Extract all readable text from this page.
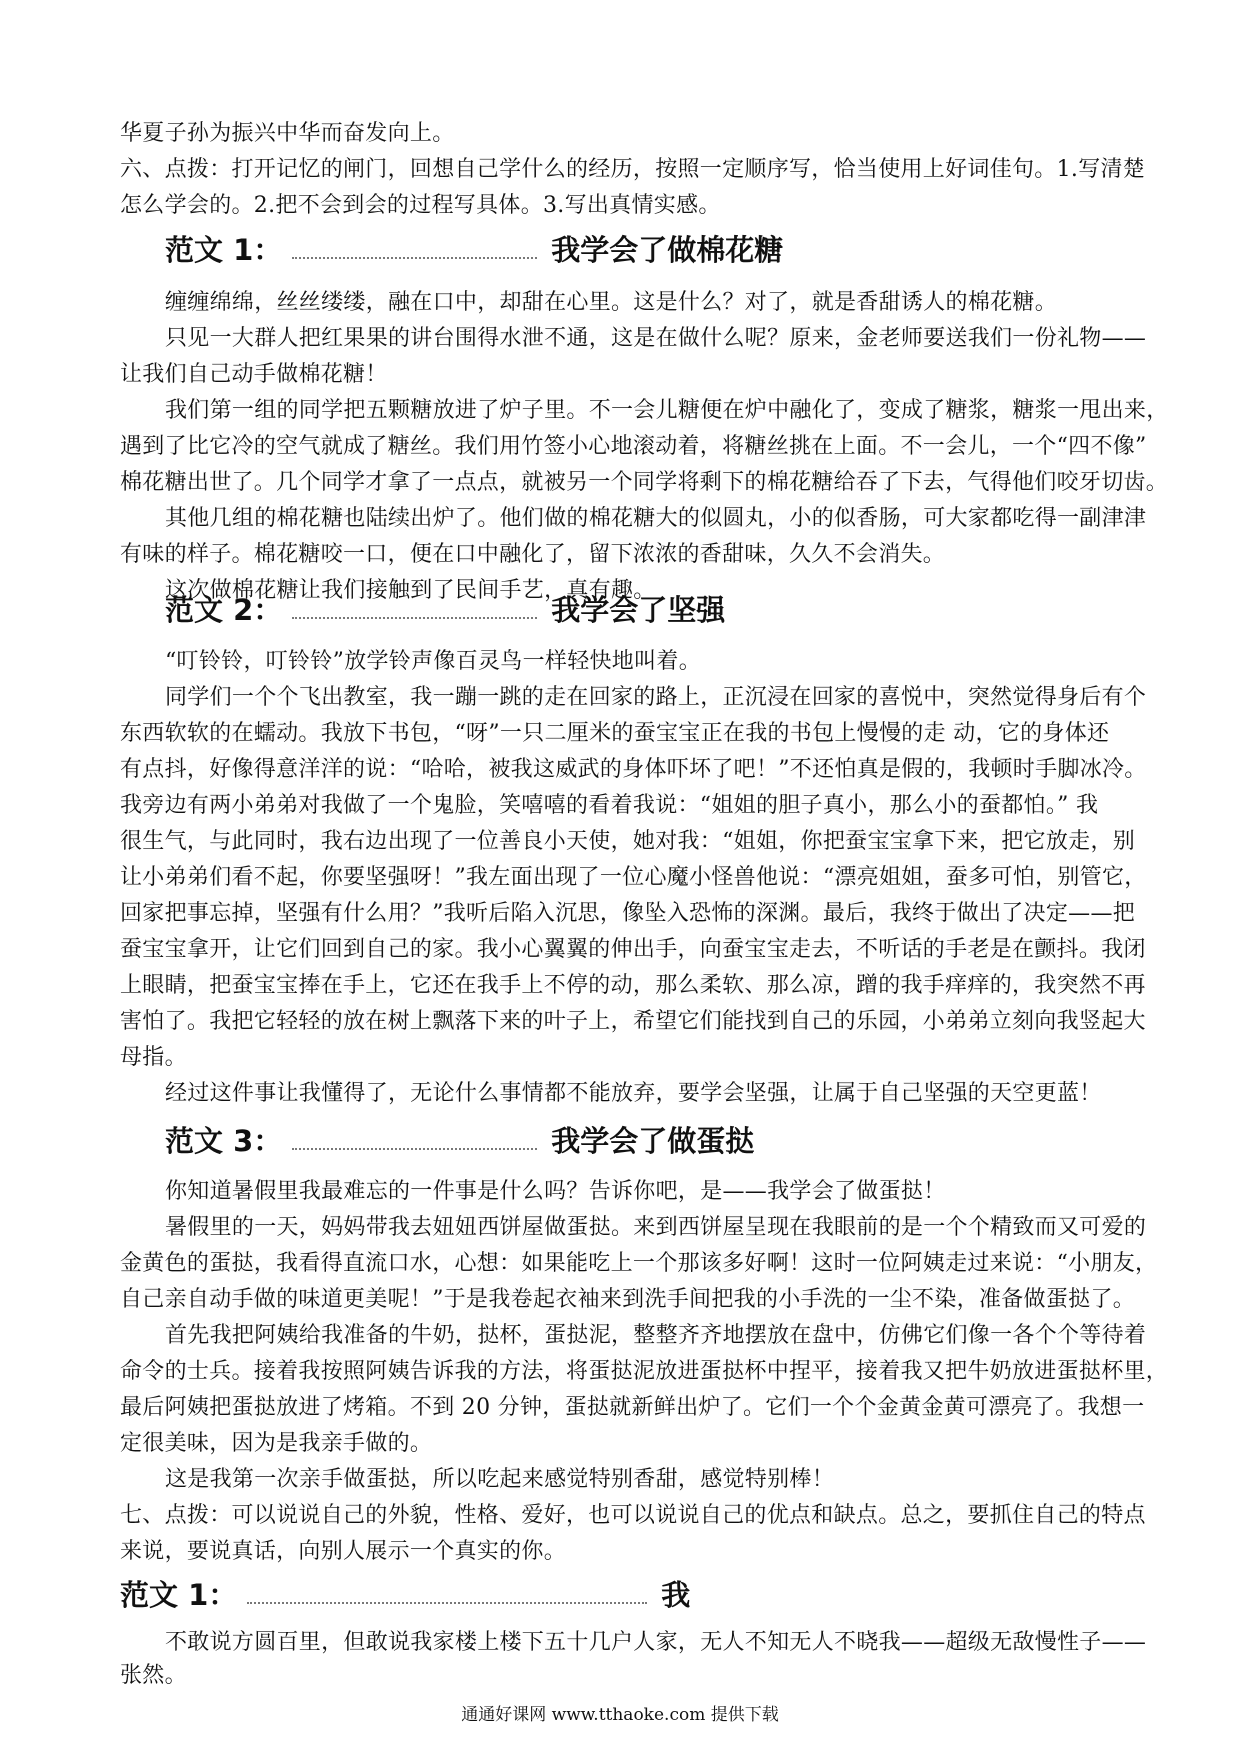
华夏子孙为振兴中华而奋发向上。
六、点拨：打开记忆的闸门，回想自己学什么的经历，按照一定顺序写，恰当使用上好词佳句。1.写清楚
怎么学会的。2.把不会到会的过程写具体。3.写出真情实感。
范文 1：	我学会了做棉花糖
缠缠绵绵，丝丝缕缕，融在口中，却甜在心里。这是什么？对了，就是香甜诱人的棉花糖。
只见一大群人把红果果的讲台围得水泄不通，这是在做什么呢？原来，金老师要送我们一份礼物——
让我们自己动手做棉花糖！
我们第一组的同学把五颗糖放进了炉子里。不一会儿糖便在炉中融化了，变成了糖浆，糖浆一甩出来，
遇到了比它冷的空气就成了糖丝。我们用竹签小心地滚动着，将糖丝挑在上面。不一会儿，一个“四不像”
棉花糖出世了。几个同学才拿了一点点，就被另一个同学将剩下的棉花糖给吞了下去，气得他们咬牙切齿。
其他几组的棉花糖也陆续出炉了。他们做的棉花糖大的似圆丸，小的似香肠，可大家都吃得一副津津
有味的样子。棉花糖咬一口，便在口中融化了，留下浓浓的香甜味，久久不会消失。
这次做棉花糖让我们接触到了民间手艺，真有趣。
范文 2：	我学会了坚强
“叮铃铃，叮铃铃”放学铃声像百灵鸟一样轻快地叫着。
同学们一个个飞出教室，我一蹦一跳的走在回家的路上，正沉浸在回家的喜悦中，突然觉得身后有个
东西软软的在蠕动。我放下书包，“呀”一只二厘米的蚕宝宝正在我的书包上慢慢的走 动，它的身体还
有点抖，好像得意洋洋的说：“哈哈，被我这威武的身体吓坏了吧！”不还怕真是假的，我顿时手脚冰冷。
我旁边有两小弟弟对我做了一个鬼脸，笑嘻嘻的看着我说：“姐姐的胆子真小，那么小的蚕都怕。” 我
很生气，与此同时，我右边出现了一位善良小天使，她对我：“姐姐，你把蚕宝宝拿下来，把它放走，别
让小弟弟们看不起，你要坚强呀！”我左面出现了一位心魔小怪兽他说：“漂亮姐姐，蚕多可怕，别管它，
回家把事忘掉，坚强有什么用？”我听后陷入沉思，像坠入恐怖的深渊。最后，我终于做出了决定——把
蚕宝宝拿开，让它们回到自己的家。我小心翼翼的伸出手，向蚕宝宝走去，不听话的手老是在颤抖。我闭
上眼睛，把蚕宝宝捧在手上，它还在我手上不停的动，那么柔软、那么凉，蹭的我手痒痒的，我突然不再
害怕了。我把它轻轻的放在树上飘落下来的叶子上，希望它们能找到自己的乐园，小弟弟立刻向我竖起大
母指。
经过这件事让我懂得了，无论什么事情都不能放弃，要学会坚强，让属于自己坚强的天空更蓝！
范文 3：	我学会了做蛋挞
你知道暑假里我最难忘的一件事是什么吗？告诉你吧，是——我学会了做蛋挞！
暑假里的一天，妈妈带我去妞妞西饼屋做蛋挞。来到西饼屋呈现在我眼前的是一个个精致而又可爱的
金黄色的蛋挞，我看得直流口水，心想：如果能吃上一个那该多好啊！这时一位阿姨走过来说：“小朋友，
自己亲自动手做的味道更美呢！”于是我卷起衣袖来到洗手间把我的小手洗的一尘不染，准备做蛋挞了。
首先我把阿姨给我准备的牛奶，挞杯，蛋挞泥，整整齐齐地摆放在盘中，仿佛它们像一各个个等待着
命令的士兵。接着我按照阿姨告诉我的方法，将蛋挞泥放进蛋挞杯中捏平，接着我又把牛奶放进蛋挞杯里，
最后阿姨把蛋挞放进了烤箱。不到 20 分钟，蛋挞就新鲜出炉了。它们一个个金黄金黄可漂亮了。我想一
定很美味，因为是我亲手做的。
这是我第一次亲手做蛋挞，所以吃起来感觉特别香甜，感觉特别棒！
七、点拨：可以说说自己的外貌，性格、爱好，也可以说说自己的优点和缺点。总之，要抓住自己的特点
来说，要说真话，向别人展示一个真实的你。
通通好课网 www.tthaoke.com 提供下载
范文 1：	我
不敢说方圆百里，但敢说我家楼上楼下五十几户人家，无人不知无人不晓我——超级无敌慢性子——
张然。
